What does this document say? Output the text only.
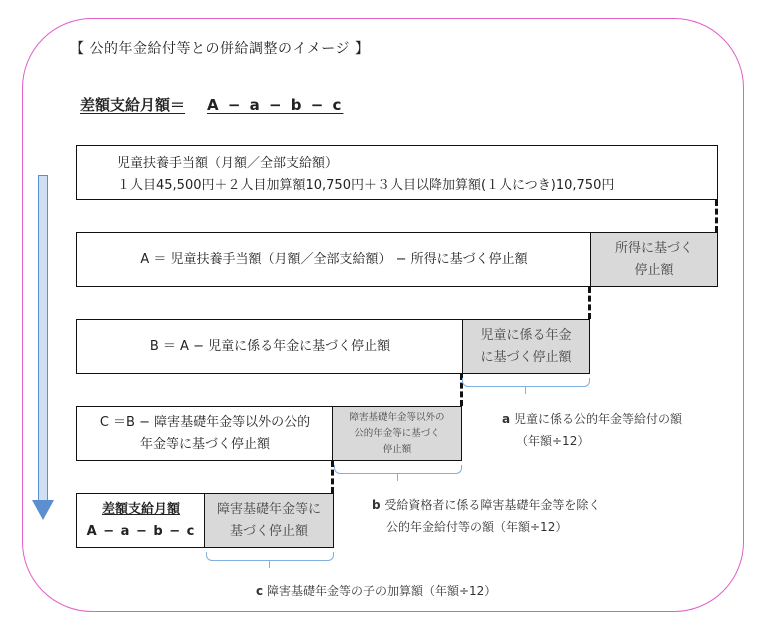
【 公的年金給付等との併給調整のイメージ 】
差額支給月額＝ A − a − b − c
児童扶養手当額（月額／全部支給額）
１人目45,500円＋２人目加算額10,750円＋３人目以降加算額(１人につき)10,750円
A ＝ 児童扶養手当額（月額／全部支給額） − 所得に基づく停止額
所得に基づく
停止額
B ＝ A − 児童に係る年金に基づく停止額
児童に係る年金
に基づく停止額
C ＝B − 障害基礎年金等以外の公的
年金等に基づく停止額
障害基礎年金等以外の
公的年金等に基づく
停止額
差額支給月額
A − a − b − c
障害基礎年金等に
基づく停止額
a 児童に係る公的年金等給付の額
（年額÷12）
b 受給資格者に係る障害基礎年金等を除く
公的年金給付等の額（年額÷12）
c 障害基礎年金等の子の加算額（年額÷12）
